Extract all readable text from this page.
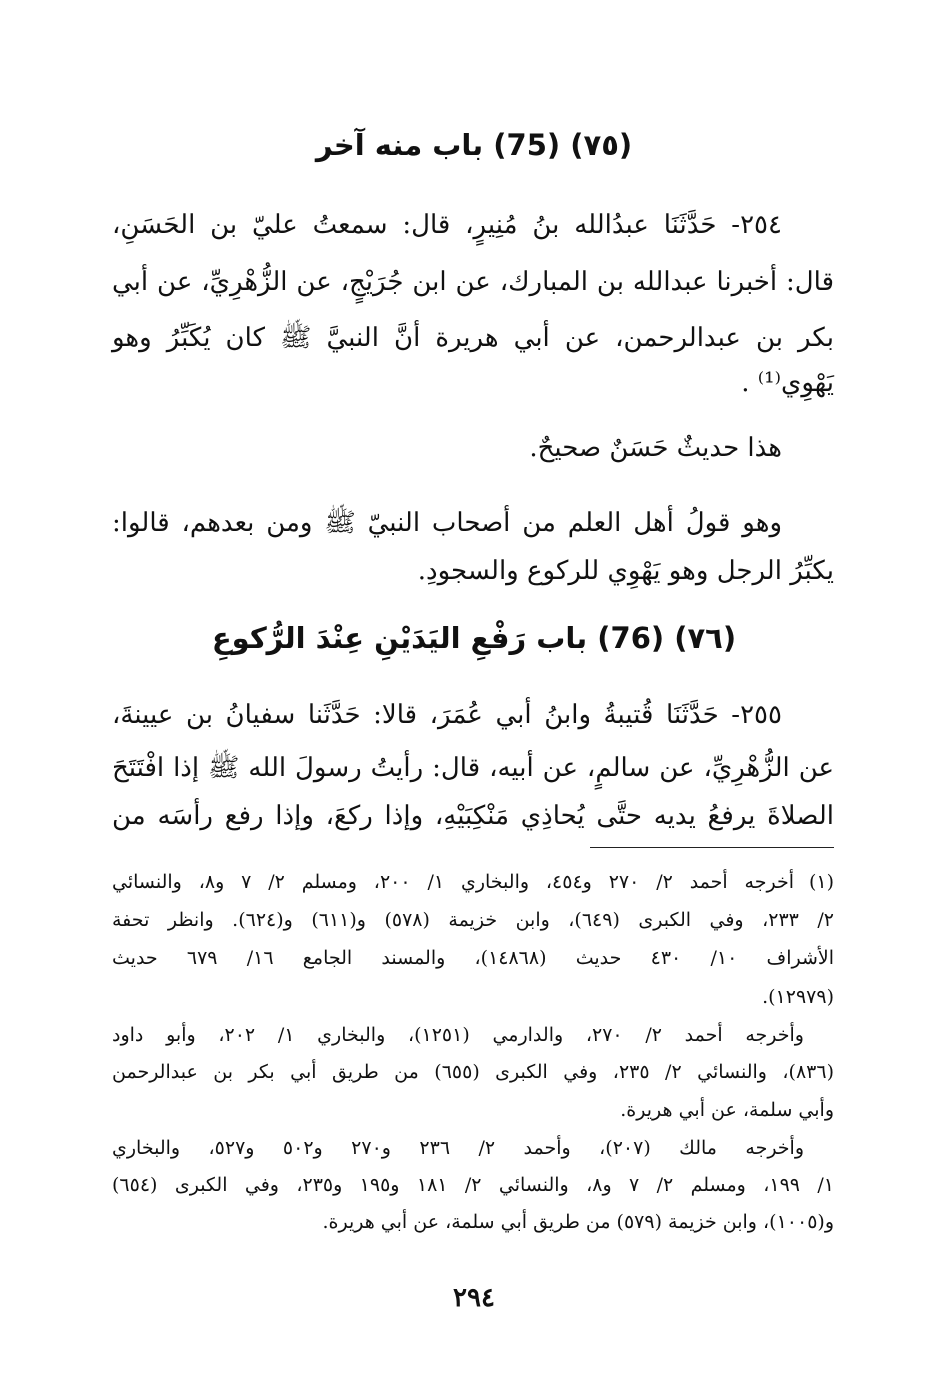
(٧٥) (75) باب منه آخر
٢٥٤- حَدَّثَنَا عبدُالله بنُ مُنِيرٍ، قال: سمعتُ عليّ بن الحَسَنِ،
قال: أخبرنا عبدالله بن المبارك، عن ابن جُرَيْجٍ، عن الزُّهْرِيِّ، عن أبي
بكر بن عبدالرحمن، عن أبي هريرة أنَّ النبيَّ ﷺ كان يُكَبِّرُ وهو
يَهْوِي⁽¹⁾ .
هذا حديثٌ حَسَنٌ صحيحٌ.
وهو قولُ أهل العلم من أصحاب النبيّ ﷺ ومن بعدهم، قالوا:
يكبِّرُ الرجل وهو يَهْوِي للركوع والسجودِ.
(٧٦) (76) باب رَفْعِ اليَدَيْنِ عِنْدَ الرُّكوعِ
٢٥٥- حَدَّثَنَا قُتيبةُ وابنُ أبي عُمَرَ، قالا: حَدَّثَنا سفيانُ بن عيينةَ،
عن الزُّهْرِيِّ، عن سالمٍ، عن أبيه، قال: رأيتُ رسولَ الله ﷺ إذا افْتَتَحَ
الصلاةَ يرفعُ يديه حتَّى يُحاذِي مَنْكِبَيْهِ، وإذا ركعَ، وإذا رفع رأسَه من
(١)
أخرجه أحمد ٢/ ٢٧٠ و٤٥٤، والبخاري ١/ ٢٠٠، ومسلم ٢/ ٧ و٨، والنسائي
٢/ ٢٣٣، وفي الكبرى (٦٤٩)، وابن خزيمة (٥٧٨) و(٦١١) و(٦٢٤). وانظر تحفة
الأشراف ١٠/ ٤٣٠ حديث (١٤٨٦٨)، والمسند الجامع ١٦/ ٦٧٩ حديث
(١٢٩٧٩).
وأخرجه أحمد ٢/ ٢٧٠، والدارمي (١٢٥١)، والبخاري ١/ ٢٠٢، وأبو داود
(٨٣٦)، والنسائي ٢/ ٢٣٥، وفي الكبرى (٦٥٥) من طريق أبي بكر بن عبدالرحمن
وأبي سلمة، عن أبي هريرة.
وأخرجه مالك (٢٠٧)، وأحمد ٢/ ٢٣٦ و٢٧٠ و٥٠٢ و٥٢٧، والبخاري
١/ ١٩٩، ومسلم ٢/ ٧ و٨، والنسائي ٢/ ١٨١ و١٩٥ و٢٣٥، وفي الكبرى (٦٥٤)
و(١٠٠٥)، وابن خزيمة (٥٧٩) من طريق أبي سلمة، عن أبي هريرة.
٢٩٤
